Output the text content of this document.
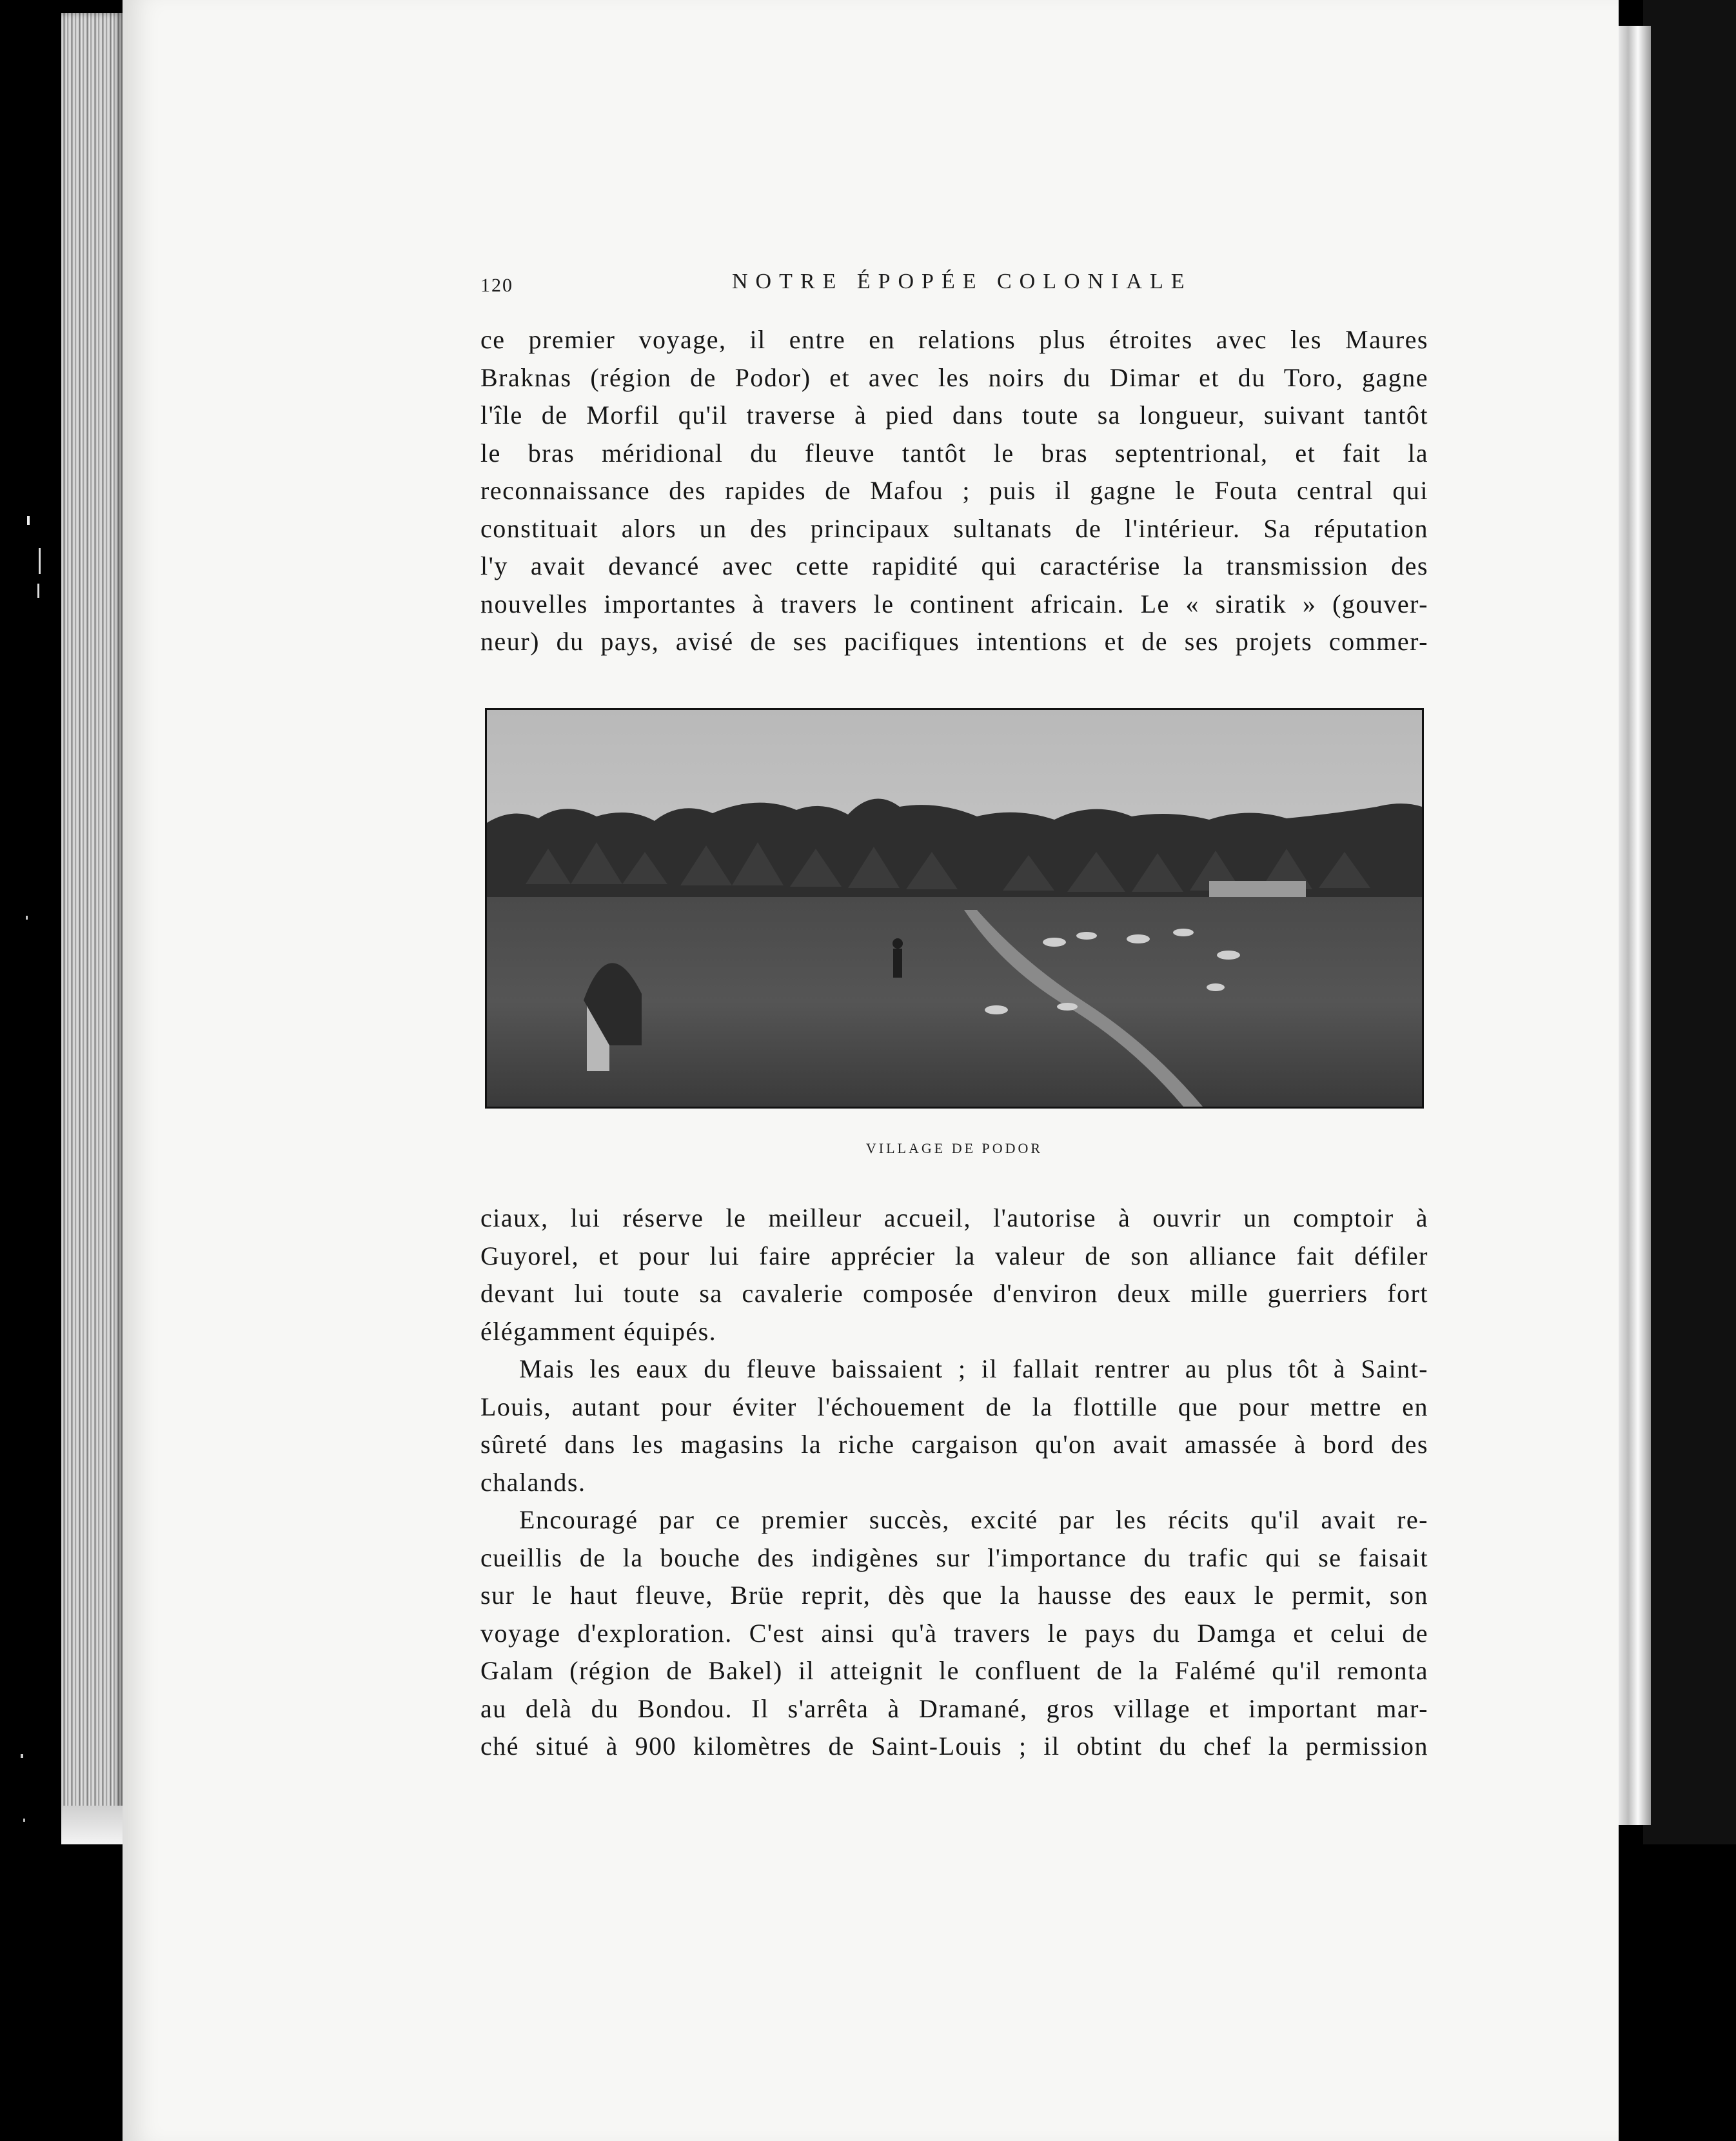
120	NOTRE ÉPOPÉE COLONIALE
ce premier voyage, il entre en relations plus étroites avec les Maures
Braknas (région de Podor) et avec les noirs du Dimar et du Toro, gagne
l'île de Morfil qu'il traverse à pied dans toute sa longueur, suivant tantôt
le bras méridional du fleuve tantôt le bras septentrional, et fait la
reconnaissance des rapides de Mafou ; puis il gagne le Fouta central qui
constituait alors un des principaux sultanats de l'intérieur. Sa réputation
l'y avait devancé avec cette rapidité qui caractérise la transmission des
nouvelles importantes à travers le continent africain. Le « siratik » (gouver-
neur) du pays, avisé de ses pacifiques intentions et de ses projets commer-
VILLAGE DE PODOR
ciaux, lui réserve le meilleur accueil, l'autorise à ouvrir un comptoir à
Guyorel, et pour lui faire apprécier la valeur de son alliance fait défiler
devant lui toute sa cavalerie composée d'environ deux mille guerriers fort
élégamment équipés.
Mais les eaux du fleuve baissaient ; il fallait rentrer au plus tôt à Saint-
Louis, autant pour éviter l'échouement de la flottille que pour mettre en
sûreté dans les magasins la riche cargaison qu'on avait amassée à bord des
chalands.
Encouragé par ce premier succès, excité par les récits qu'il avait re-
cueillis de la bouche des indigènes sur l'importance du trafic qui se faisait
sur le haut fleuve, Brüe reprit, dès que la hausse des eaux le permit, son
voyage d'exploration. C'est ainsi qu'à travers le pays du Damga et celui de
Galam (région de Bakel) il atteignit le confluent de la Falémé qu'il remonta
au delà du Bondou. Il s'arrêta à Dramané, gros village et important mar-
ché situé à 900 kilomètres de Saint-Louis ; il obtint du chef la permission
